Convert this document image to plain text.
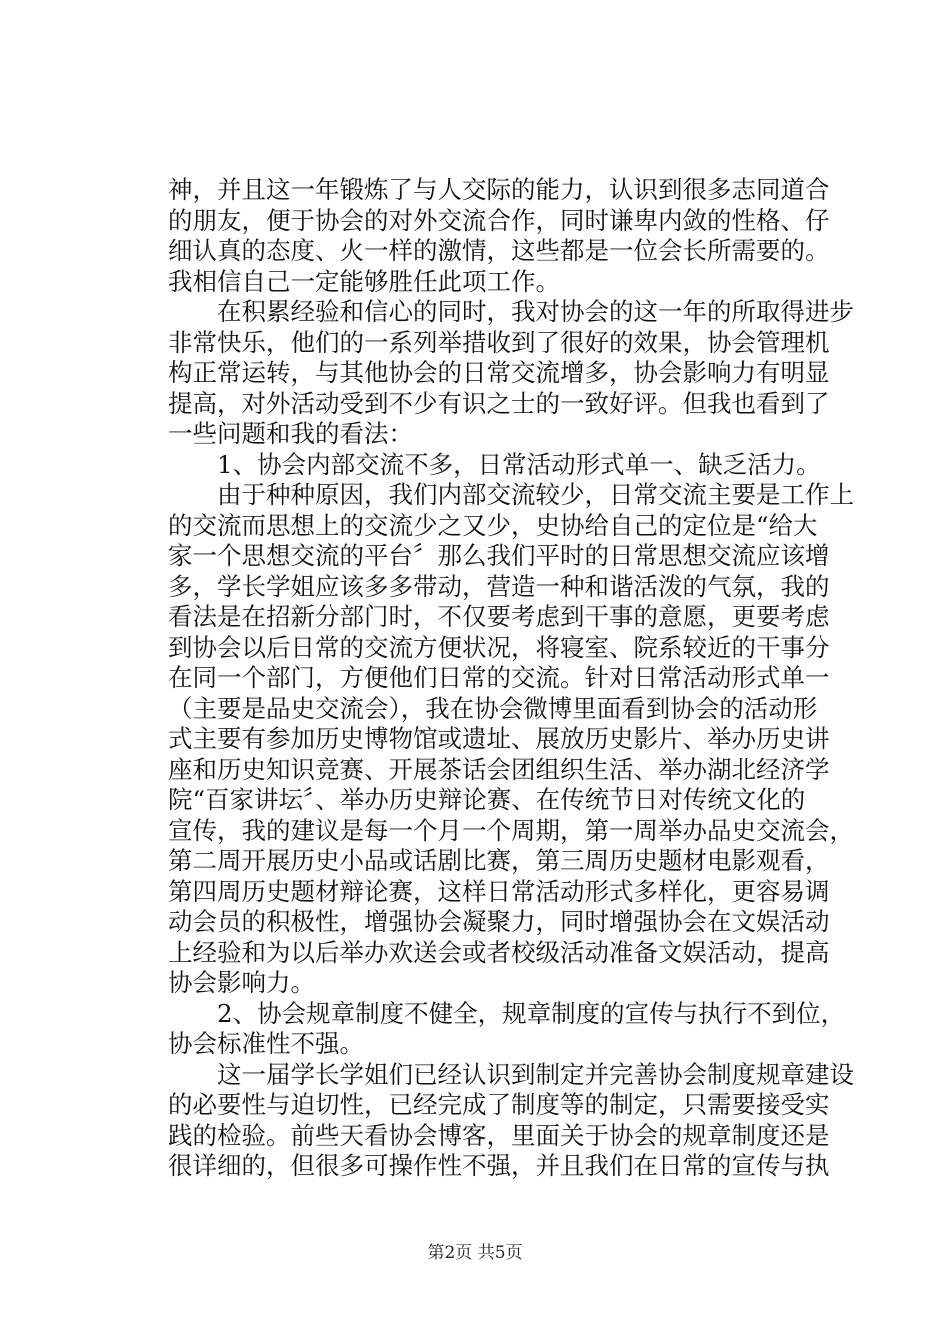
神，并且这一年锻炼了与人交际的能力，认识到很多志同道合
的朋友，便于协会的对外交流合作，同时谦卑内敛的性格、仔
细认真的态度、火一样的激情，这些都是一位会长所需要的。
我相信自己一定能够胜任此项工作。
在积累经验和信心的同时，我对协会的这一年的所取得进步
非常快乐，他们的一系列举措收到了很好的效果，协会管理机
构正常运转，与其他协会的日常交流增多，协会影响力有明显
提高，对外活动受到不少有识之士的一致好评。但我也看到了
一些问题和我的看法：
1、协会内部交流不多，日常活动形式单一、缺乏活力。
由于种种原因，我们内部交流较少，日常交流主要是工作上
的交流而思想上的交流少之又少，史协给自己的定位是“给大
家一个思想交流的平台〞那么我们平时的日常思想交流应该增
多，学长学姐应该多多带动，营造一种和谐活泼的气氛，我的
看法是在招新分部门时，不仅要考虑到干事的意愿，更要考虑
到协会以后日常的交流方便状况，将寝室、院系较近的干事分
在同一个部门，方便他们日常的交流。针对日常活动形式单一
（主要是品史交流会），我在协会微博里面看到协会的活动形
式主要有参加历史博物馆或遗址、展放历史影片、举办历史讲
座和历史知识竞赛、开展茶话会团组织生活、举办湖北经济学
院“百家讲坛〞、举办历史辩论赛、在传统节日对传统文化的
宣传，我的建议是每一个月一个周期，第一周举办品史交流会，
第二周开展历史小品或话剧比赛，第三周历史题材电影观看，
第四周历史题材辩论赛，这样日常活动形式多样化，更容易调
动会员的积极性，增强协会凝聚力，同时增强协会在文娱活动
上经验和为以后举办欢送会或者校级活动准备文娱活动，提高
协会影响力。
2、协会规章制度不健全，规章制度的宣传与执行不到位，
协会标准性不强。
这一届学长学姐们已经认识到制定并完善协会制度规章建设
的必要性与迫切性，已经完成了制度等的制定，只需要接受实
践的检验。前些天看协会博客，里面关于协会的规章制度还是
很详细的，但很多可操作性不强，并且我们在日常的宣传与执
第2页 共5页
